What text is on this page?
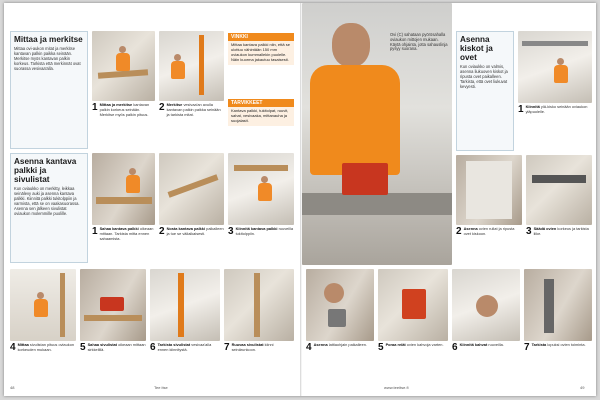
Mittaa ja merkitse
Mittaa ovi-aukon mitat ja merkitse kantavan palkin paikka seinään. Merkitse myös kantavan palkin korkeus. Tarkista että merkinnät ovat suorassa vesivaa'alla.
1 Mittaa ja merkitse kantavan palkin korkeus seinään. Merkitse myös palkin pituus.
2 Merkitse vesivaa'an avulla kantavan palkin paikka seinään ja tarkista mitat.
VINKKI
Mittaa kantava palkki niin, että se ulottuu vähintään 150 mm oviaukon kummallekin puolelle. Näin kuorma jakautuu tasaisesti.
TARVIKKEET
Kantava palkki, tukitolpat, ruuvit, sahat, vesivaaka, mittanauha ja suojalasit.
Asenna kantava palkki ja sivulistat
Kun oviaukko on merkitty, leikkaa seinälevy auki ja asenna kantava palkki. Kiinnitä palkki tukitolppiin ja varmista, että se on vaakasuorassa. Asenna sen jälkeen sivulistat oviaukon molemmille puolille.
1 Sahaa kantava palkki oikeaan mittaan. Tarkista mitta ennen sahaamista.
2 Nosta kantava palkki paikalleen ja tue se väliaikaisesti.	3 Kiinnitä kantava palkki ruuveilla tukitolppiin.
4 Mittaa sivulistan pituus oviaukon korkeuden mukaan.	5 Sahaa sivulistat oikeaan mittaan sirkkelillä.	6 Tarkista sivulistat vesivaa'alla ennen kiinnitystä.	7 Ruuvaa sivulistat kiinni seinärunkoon.
48	Tee itse
Ovi (C) sahataan pyörösahalla oviaukon mittojen mukaan. Käytä ohjainta, jotta sahauslinja pysyy suorana.
Asenna kiskot ja ovet
Kun oviaukko on valmis, asenna liukuoven kiskot ja ripusta ovet paikalleen. Tarkista, että ovet liukuvat kevyesti.
1 Kiinnitä ylä-kisko seinään oviaukon yläpuolelle.
2 Asenna ovien rullat ja ripusta ovet kiskoon.	3 Säädä ovien korkeus ja tarkista liike.
4 Asenna lattiaohjain paikalleen.	5 Poraa reiät ovien kahvoja varten. 6 Kiinnitä kahvat ruuveilla.	7 Tarkista lopuksi ovien toiminta.
www.teeitse.fi	49
